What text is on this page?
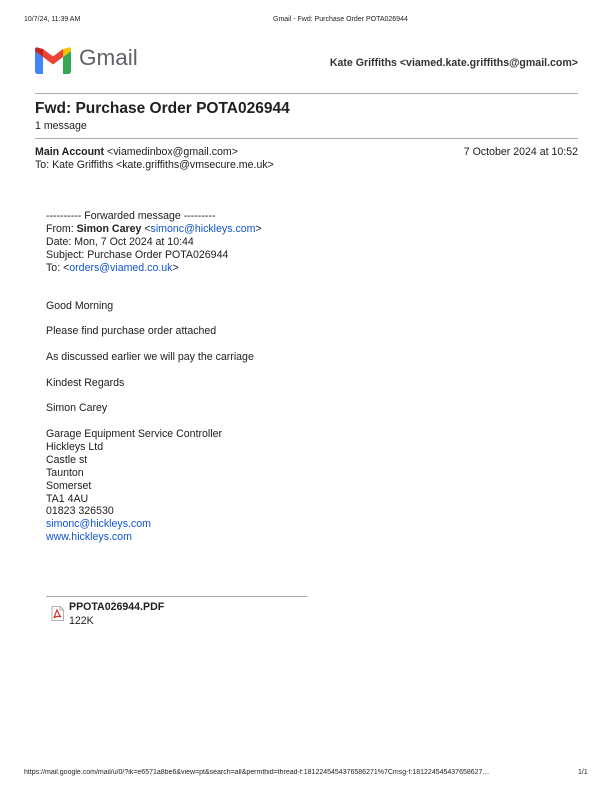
10/7/24, 11:39 AM	Gmail - Fwd: Purchase Order POTA026944
Gmail	Kate Griffiths <viamed.kate.griffiths@gmail.com>
Fwd: Purchase Order POTA026944
1 message
Main Account <viamedinbox@gmail.com>	7 October 2024 at 10:52
To: Kate Griffiths <kate.griffiths@vmsecure.me.uk>
---------- Forwarded message ---------
From: Simon Carey <simonc@hickleys.com>
Date: Mon, 7 Oct 2024 at 10:44
Subject: Purchase Order POTA026944
To: <orders@viamed.co.uk>
Good Morning
Please find purchase order attached
As discussed earlier we will pay the carriage
Kindest Regards
Simon Carey
Garage Equipment Service Controller
Hickleys Ltd
Castle st
Taunton
Somerset
TA1 4AU
01823 326530
simonc@hickleys.com
www.hickleys.com
PPOTA026944.PDF
122K
https://mail.google.com/mail/u/0/?ik=e6571a8be6&view=pt&search=all&permthid=thread-f:1812245454376586271%7Cmsg-f:181224545437658627…	1/1
